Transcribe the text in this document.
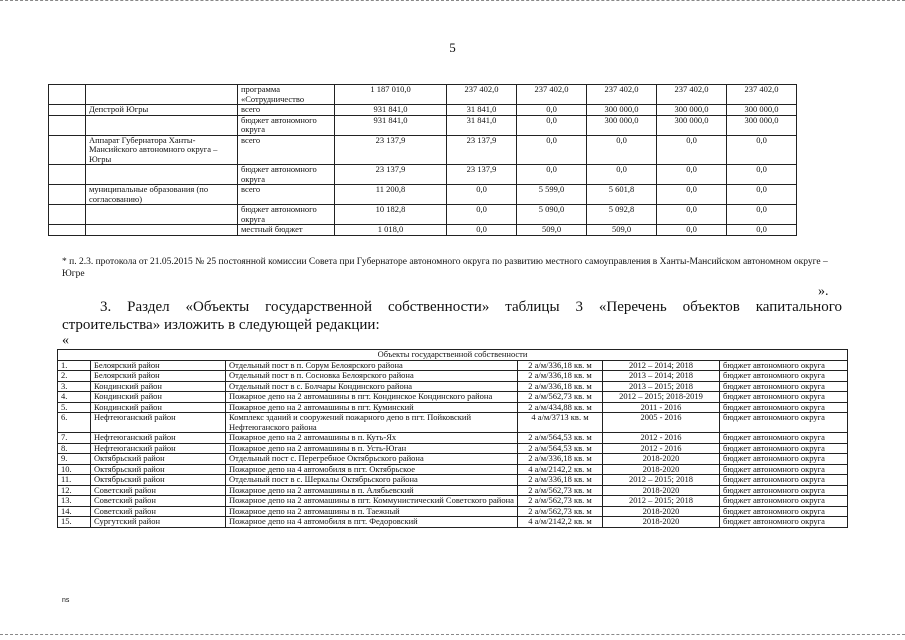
5
		программа «Сотрудничество	1 187 010,0	237 402,0	237 402,0	237 402,0	237 402,0	237 402,0
	Депстрой Югры	всего	931 841,0	31 841,0	0,0	300 000,0	300 000,0	300 000,0
		бюджет автономного округа	931 841,0	31 841,0	0,0	300 000,0	300 000,0	300 000,0
	Аппарат Губернатора Ханты-Мансийского автономного округа – Югры	всего	23 137,9	23 137,9	0,0	0,0	0,0	0,0
		бюджет автономного округа	23 137,9	23 137,9	0,0	0,0	0,0	0,0
	муниципальные образования (по согласованию)	всего	11 200,8	0,0	5 599,0	5 601,8	0,0	0,0
		бюджет автономного округа	10 182,8	0,0	5 090,0	5 092,8	0,0	0,0
		местный бюджет	1 018,0	0,0	509,0	509,0	0,0	0,0
* п. 2.3. протокола от 21.05.2015 № 25 постоянной комиссии Совета при Губернаторе автономного округа по развитию местного самоуправления в Ханты-Мансийском автономном округе – Югре
».
3. Раздел «Объекты государственной собственности» таблицы 3 «Перечень объектов капитального
строительства» изложить в следующей редакции:
«
Объекты государственной собственности					
1.	Белоярский район	Отдельный пост в п. Сорум Белоярского района	2 а/м/336,18 кв. м	2012 – 2014; 2018	бюджет автономного округа
2.	Белоярский район	Отдельный пост в п. Сосновка Белоярского района	2 а/м/336,18 кв. м	2013 – 2014; 2018	бюджет автономного округа
3.	Кондинский район	Отдельный пост в с. Болчары Кондинского района	2 а/м/336,18 кв. м	2013 – 2015; 2018	бюджет автономного округа
4.	Кондинский район	Пожарное депо на 2 автомашины в пгт. Кондинское Кондинского района	2 а/м/562,73 кв. м	2012 – 2015; 2018-2019	бюджет автономного округа
5.	Кондинский район	Пожарное депо на 2 автомашины в пгт. Куминский	2 а/м/434,88 кв. м	2011 - 2016	бюджет автономного округа
6.	Нефтеюганский район	Комплекс зданий и сооружений пожарного депо в пгт. Пойковский Нефтеюганского района	4 а/м/3713 кв. м	2005 - 2016	бюджет автономного округа
7.	Нефтеюганский район	Пожарное депо на 2 автомашины в п. Куть-Ях	2 а/м/564,53 кв. м	2012 - 2016	бюджет автономного округа
8.	Нефтеюганский район	Пожарное депо на 2 автомашины в п. Усть-Юган	2 а/м/564,53 кв. м	2012 - 2016	бюджет автономного округа
9.	Октябрьский район	Отдельный пост с. Перегребное Октябрьского района	2 а/м/336,18 кв. м	2018-2020	бюджет автономного округа
10.	Октябрьский район	Пожарное депо на 4 автомобиля в пгт. Октябрьское	4 а/м/2142,2 кв. м	2018-2020	бюджет автономного округа
11.	Октябрьский район	Отдельный пост в с. Шеркалы Октябрьского района	2 а/м/336,18 кв. м	2012 – 2015; 2018	бюджет автономного округа
12.	Советский район	Пожарное депо на 2 автомашины в п. Алябьевский	2 а/м/562,73 кв. м	2018-2020	бюджет автономного округа
13.	Советский район	Пожарное депо на 2 автомашины в пгт. Коммунистический Советского района	2 а/м/562,73 кв. м	2012 – 2015; 2018	бюджет автономного округа
14.	Советский район	Пожарное депо на 2 автомашины в п. Таежный	2 а/м/562,73 кв. м	2018-2020	бюджет автономного округа
15.	Сургутский район	Пожарное депо на 4 автомобиля в пгт. Федоровский	4 а/м/2142,2 кв. м	2018-2020	бюджет автономного округа
ns
